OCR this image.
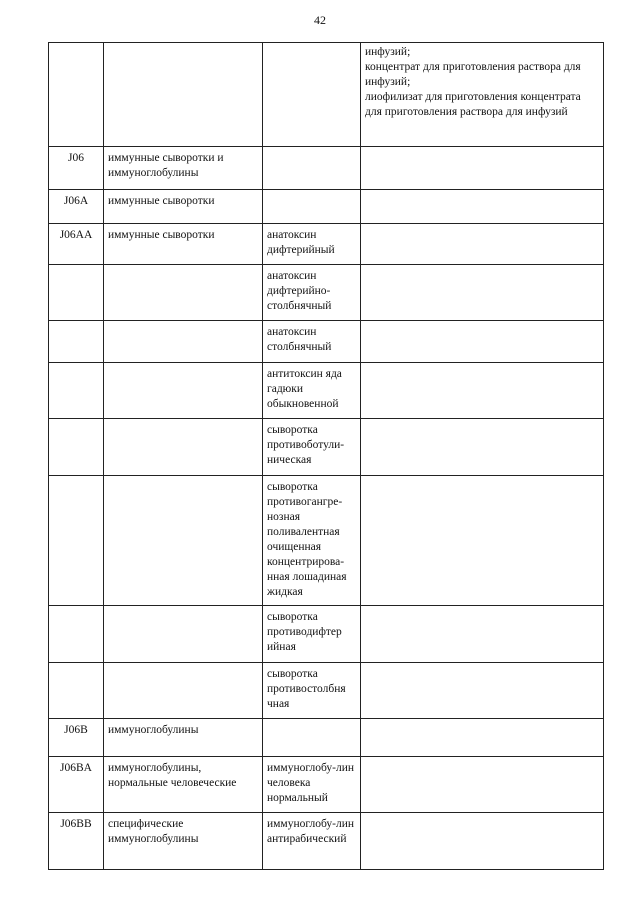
42
			инфузий;
концентрат для приготовления раствора для инфузий;
лиофилизат для приготовления концентрата для приготовления раствора для инфузий
J06	иммунные сыворотки и иммуноглобулины		
J06A	иммунные сыворотки		
J06AA	иммунные сыворотки	анатоксин дифтерийный	
		анатоксин дифтерийно-столбнячный	
		анатоксин столбнячный	
		антитоксин яда гадюки обыкновенной	
		сыворотка противоботули-ническая	
		сыворотка противогангре-нозная поливалентная очищенная концентрирова-нная лошадиная жидкая	
		сыворотка противодифтер ийная	
		сыворотка противостолбня чная	
J06B	иммуноглобулины		
J06BA	иммуноглобулины, нормальные человеческие	иммуноглобу-лин человека нормальный	
J06BB	специфические иммуноглобулины	иммуноглобу-лин антирабический	
